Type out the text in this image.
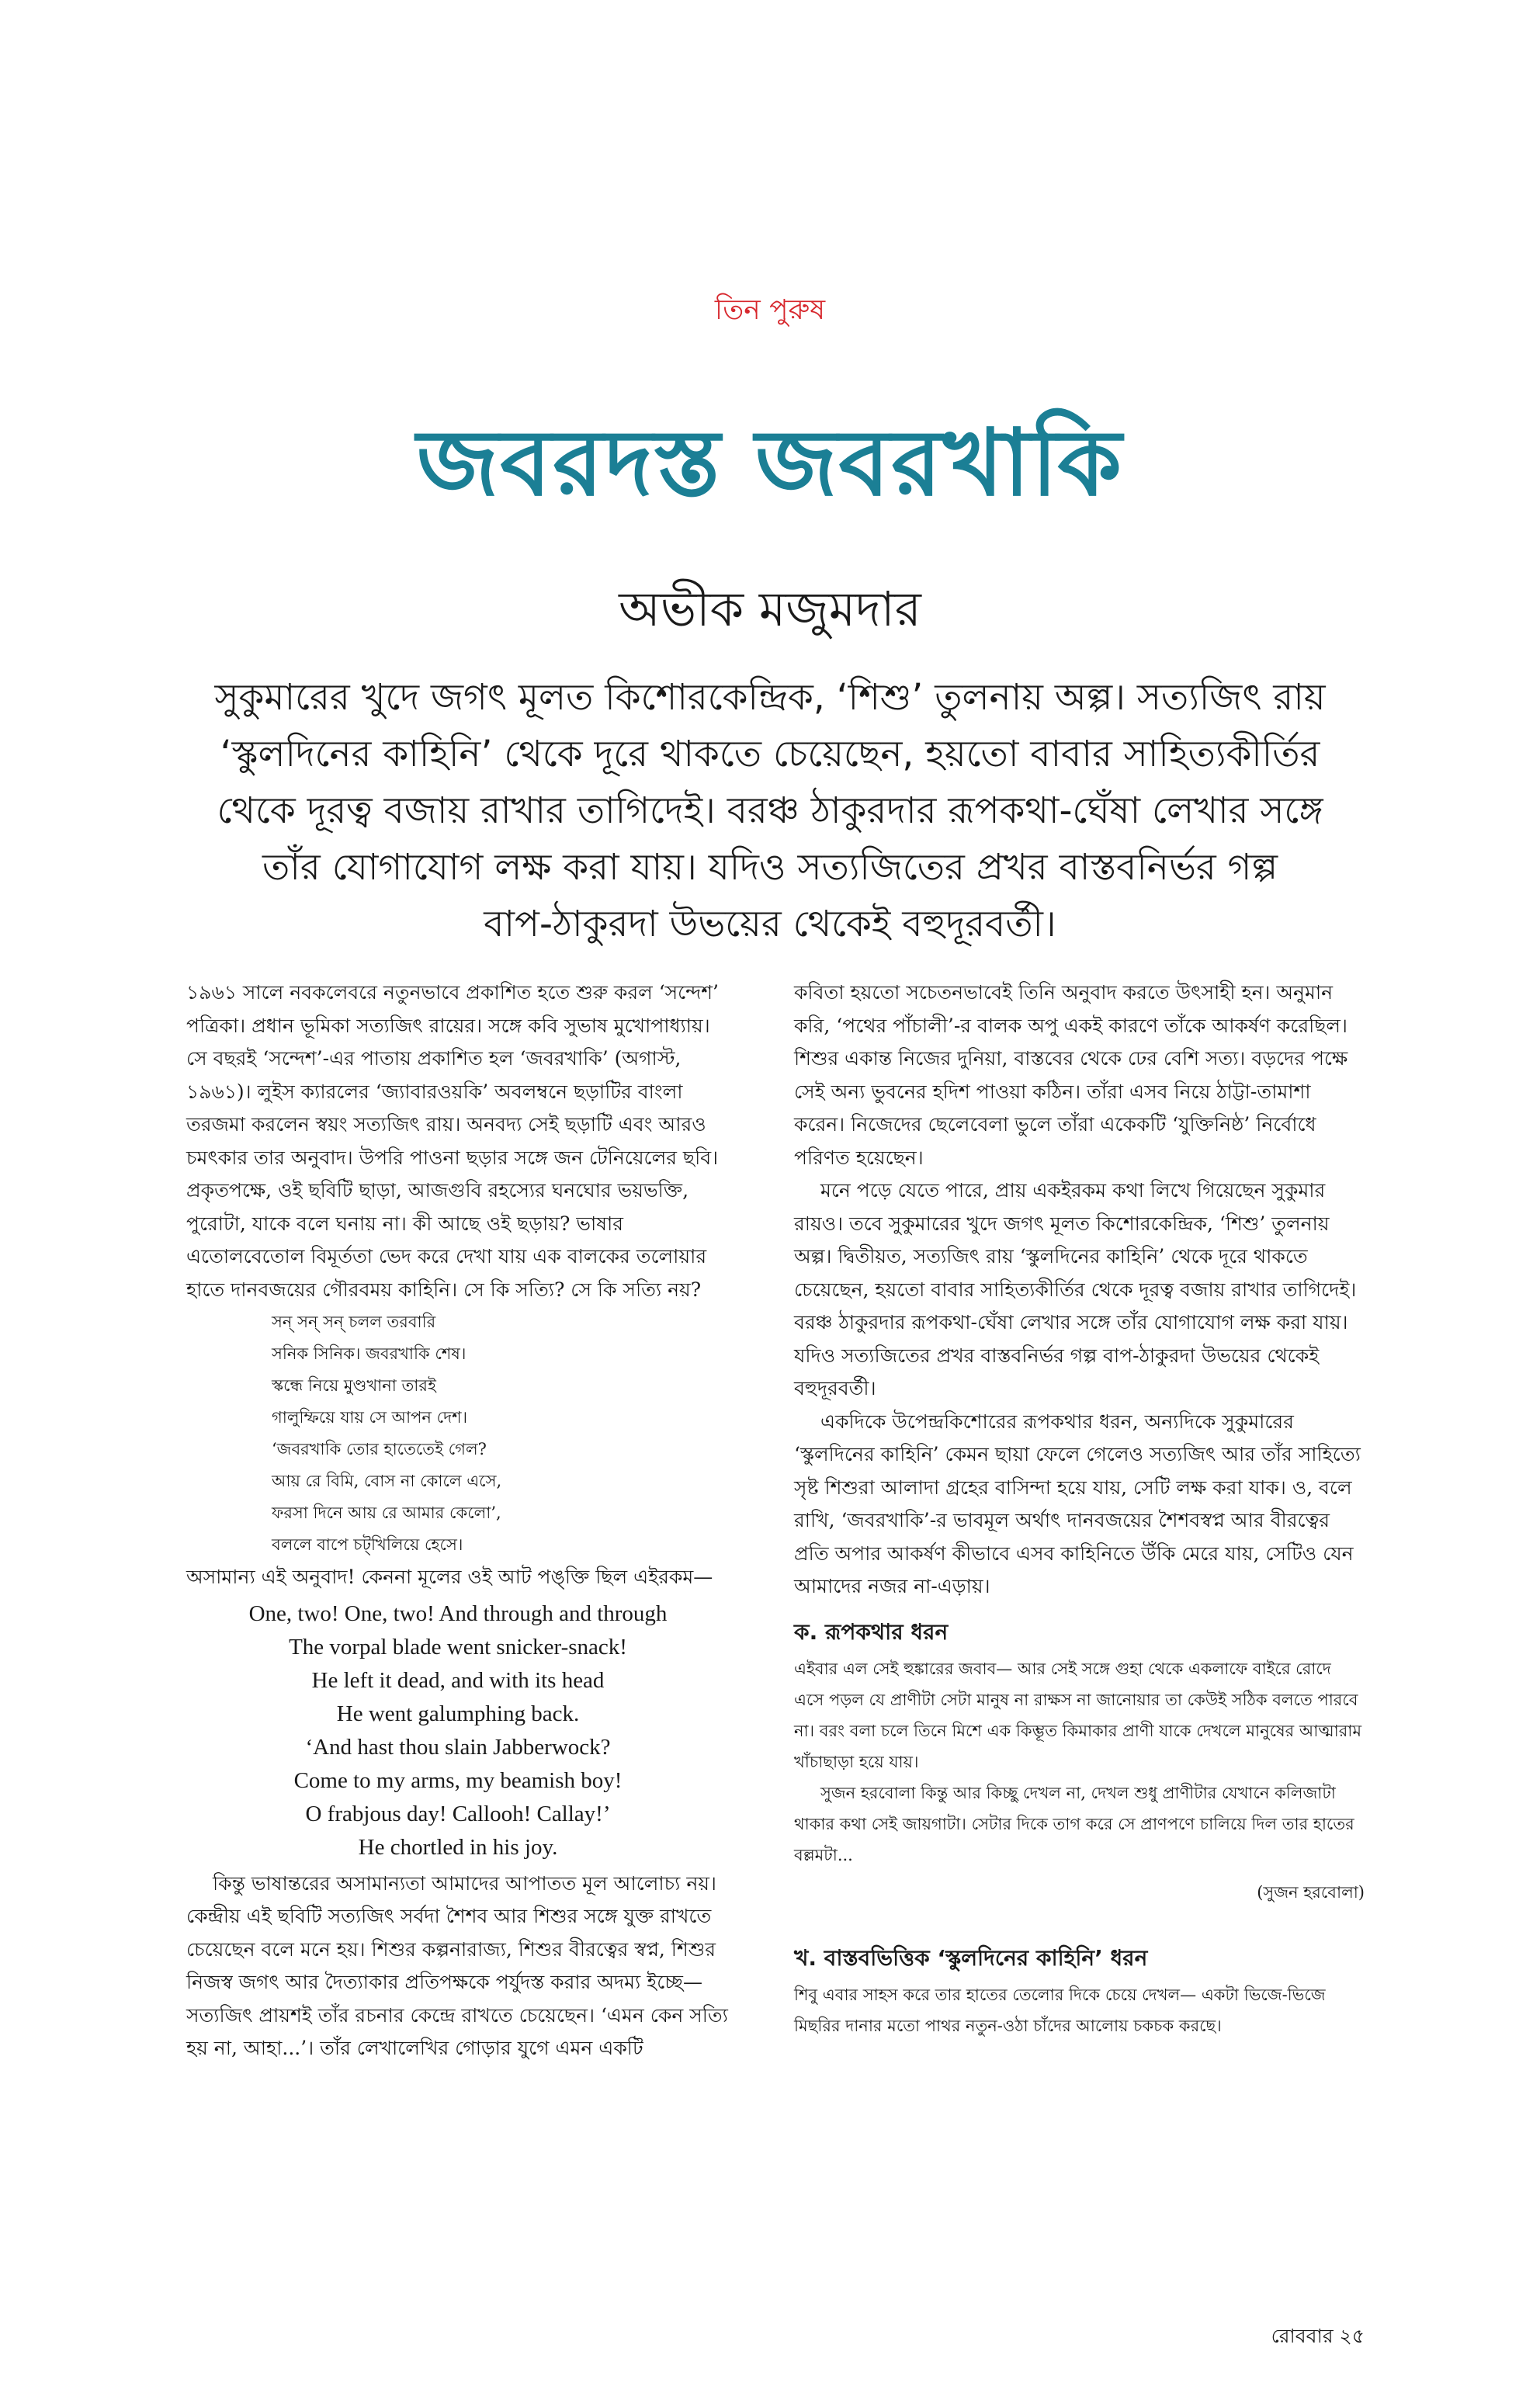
তিন পুরুষ
জবরদস্ত জবরখাকি
অভীক মজুমদার
সুকুমারের খুদে জগৎ মূলত কিশোরকেন্দ্রিক, ‘শিশু’ তুলনায় অল্প। সত্যজিৎ রায়
‘স্কুলদিনের কাহিনি’ থেকে দূরে থাকতে চেয়েছেন, হয়তো বাবার সাহিত্যকীর্তির
থেকে দূরত্ব বজায় রাখার তাগিদেই। বরঞ্চ ঠাকুরদার রূপকথা-ঘেঁষা লেখার সঙ্গে
তাঁর যোগাযোগ লক্ষ করা যায়। যদিও সত্যজিতের প্রখর বাস্তবনির্ভর গল্প
বাপ-ঠাকুরদা উভয়ের থেকেই বহুদূরবর্তী।

১৯৬১ সালে নবকলেবরে নতুনভাবে প্রকাশিত হতে শুরু করল ‘সন্দেশ’ পত্রিকা। প্রধান ভূমিকা সত্যজিৎ রায়ের। সঙ্গে কবি সুভাষ মুখোপাধ্যায়। সে বছরই ‘সন্দেশ’-এর পাতায় প্রকাশিত হল ‘জবরখাকি’ (অগাস্ট, ১৯৬১)। লুইস ক্যারলের ‘জ্যাবারওয়কি’ অবলম্বনে ছড়াটির বাংলা তরজমা করলেন স্বয়ং সত্যজিৎ রায়। অনবদ্য সেই ছড়াটি এবং আরও চমৎকার তার অনুবাদ। উপরি পাওনা ছড়ার সঙ্গে জন টেনিয়েলের ছবি। প্রকৃতপক্ষে, ওই ছবিটি ছাড়া, আজগুবি রহস্যের ঘনঘোর ভয়ভক্তি, পুরোটা, যাকে বলে ঘনায় না। কী আছে ওই ছড়ায়? ভাষার এতোলবেতোল বিমূর্ততা ভেদ করে দেখা যায় এক বালকের তলোয়ার হাতে দানবজয়ের গৌরবময় কাহিনি। সে কি সত্যি? সে কি সত্যি নয়?

সন্ সন্ সন্ চলল তরবারি
সনিক সিনিক। জবরখাকি শেষ।
স্কন্ধে নিয়ে মুণ্ডখানা তারই
গালুম্ফিয়ে যায় সে আপন দেশ।
‘জবরখাকি তোর হাতেতেই গেল?
আয় রে বিমি, বোস না কোলে এসে,
ফরসা দিনে আয় রে আমার কেলো’,
বললে বাপে চট্‌খিলিয়ে হেসে।

অসামান্য এই অনুবাদ! কেননা মূলের ওই আট পঙ্‌ক্তি ছিল এইরকম—

One, two! One, two! And through and through
The vorpal blade went snicker-snack!
He left it dead, and with its head
He went galumphing back.
‘And hast thou slain Jabberwock?
Come to my arms, my beamish boy!
O frabjous day! Callooh! Callay!’
He chortled in his joy.

কিন্তু ভাষান্তরের অসামান্যতা আমাদের আপাতত মূল আলোচ্য নয়। কেন্দ্রীয় এই ছবিটি সত্যজিৎ সর্বদা শৈশব আর শিশুর সঙ্গে যুক্ত রাখতে চেয়েছেন বলে মনে হয়। শিশুর কল্পনারাজ্য, শিশুর বীরত্বের স্বপ্ন, শিশুর নিজস্ব জগৎ আর দৈত্যাকার প্রতিপক্ষকে পর্যুদস্ত করার অদম্য ইচ্ছে— সত্যজিৎ প্রায়শই তাঁর রচনার কেন্দ্রে রাখতে চেয়েছেন। ‘এমন কেন সত্যি হয় না, আহা...’। তাঁর লেখালেখির গোড়ার যুগে এমন একটি

কবিতা হয়তো সচেতনভাবেই তিনি অনুবাদ করতে উৎসাহী হন। অনুমান করি, ‘পথের পাঁচালী’-র বালক অপু একই কারণে তাঁকে আকর্ষণ করেছিল। শিশুর একান্ত নিজের দুনিয়া, বাস্তবের থেকে ঢের বেশি সত্য। বড়দের পক্ষে সেই অন্য ভুবনের হদিশ পাওয়া কঠিন। তাঁরা এসব নিয়ে ঠাট্টা-তামাশা করেন। নিজেদের ছেলেবেলা ভুলে তাঁরা একেকটি ‘যুক্তিনিষ্ঠ’ নির্বোধে পরিণত হয়েছেন।

মনে পড়ে যেতে পারে, প্রায় একইরকম কথা লিখে গিয়েছেন সুকুমার রায়ও। তবে সুকুমারের খুদে জগৎ মূলত কিশোরকেন্দ্রিক, ‘শিশু’ তুলনায় অল্প। দ্বিতীয়ত, সত্যজিৎ রায় ‘স্কুলদিনের কাহিনি’ থেকে দূরে থাকতে চেয়েছেন, হয়তো বাবার সাহিত্যকীর্তির থেকে দূরত্ব বজায় রাখার তাগিদেই। বরঞ্চ ঠাকুরদার রূপকথা-ঘেঁষা লেখার সঙ্গে তাঁর যোগাযোগ লক্ষ করা যায়। যদিও সত্যজিতের প্রখর বাস্তবনির্ভর গল্প বাপ-ঠাকুরদা উভয়ের থেকেই বহুদূরবর্তী।

একদিকে উপেন্দ্রকিশোরের রূপকথার ধরন, অন্যদিকে সুকুমারের ‘স্কুলদিনের কাহিনি’ কেমন ছায়া ফেলে গেলেও সত্যজিৎ আর তাঁর সাহিত্যে সৃষ্ট শিশুরা আলাদা গ্রহের বাসিন্দা হয়ে যায়, সেটি লক্ষ করা যাক। ও, বলে রাখি, ‘জবরখাকি’-র ভাবমূল অর্থাৎ দানবজয়ের শৈশবস্বপ্ন আর বীরত্বের প্রতি অপার আকর্ষণ কীভাবে এসব কাহিনিতে উঁকি মেরে যায়, সেটিও যেন আমাদের নজর না-এড়ায়।

ক. রূপকথার ধরন

এইবার এল সেই হুঙ্কারের জবাব— আর সেই সঙ্গে গুহা থেকে একলাফে বাইরে রোদে এসে পড়ল যে প্রাণীটা সেটা মানুষ না রাক্ষস না জানোয়ার তা কেউই সঠিক বলতে পারবে না। বরং বলা চলে তিনে মিশে এক কিম্ভূত কিমাকার প্রাণী যাকে দেখলে মানুষের আত্মারাম খাঁচাছাড়া হয়ে যায়।

সুজন হরবোলা কিন্তু আর কিচ্ছু দেখল না, দেখল শুধু প্রাণীটার যেখানে কলিজাটা থাকার কথা সেই জায়গাটা। সেটার দিকে তাগ করে সে প্রাণপণে চালিয়ে দিল তার হাতের বল্লমটা...

(সুজন হরবোলা)
খ. বাস্তবভিত্তিক ‘স্কুলদিনের কাহিনি’ ধরন

শিবু এবার সাহস করে তার হাতের তেলোর দিকে চেয়ে দেখল— একটা ভিজে-ভিজে মিছরির দানার মতো পাথর নতুন-ওঠা চাঁদের আলোয় চকচক করছে।

রোববার ২৫
